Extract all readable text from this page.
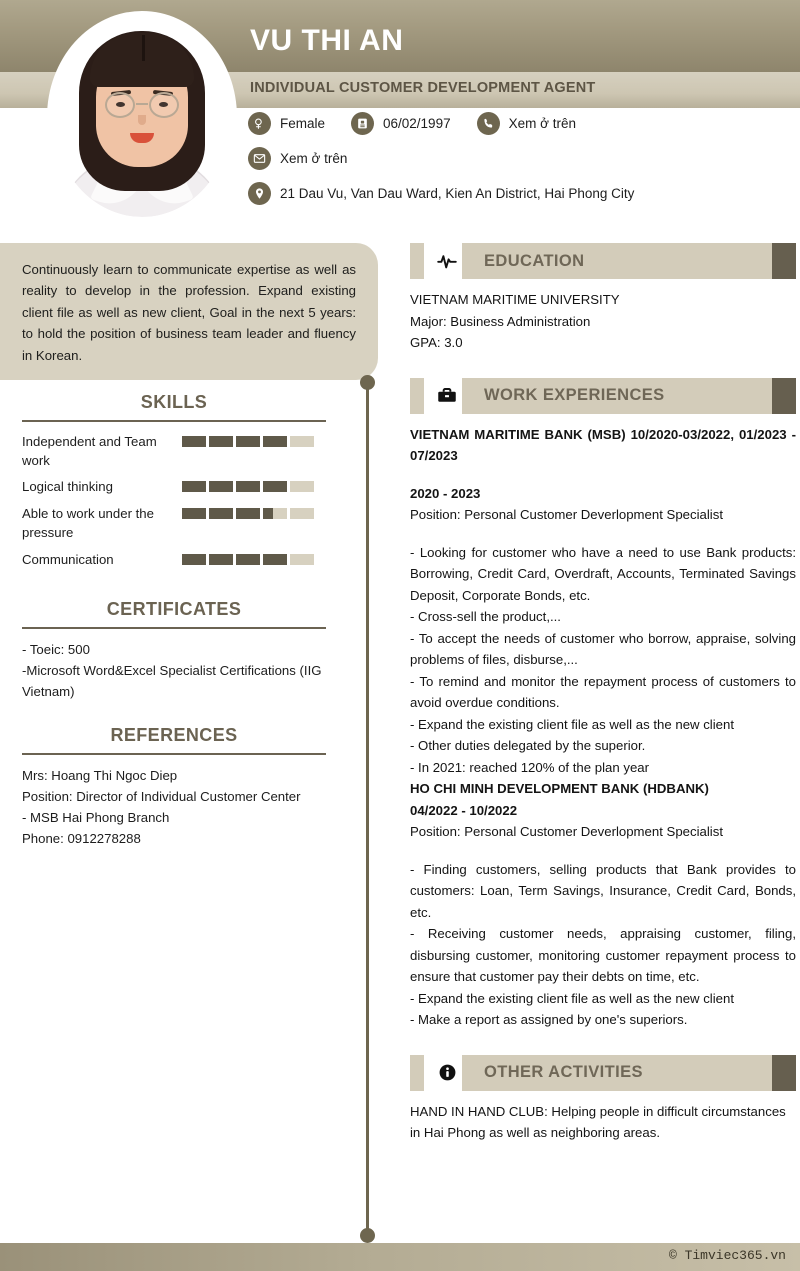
VU THI AN
INDIVIDUAL CUSTOMER DEVELOPMENT AGENT
Female	06/02/1997	Xem ở trên
Xem ở trên
21 Dau Vu, Van Dau Ward, Kien An District, Hai Phong City

Continuously learn to communicate expertise as well as reality to develop in the profession. Expand existing client file as well as new client, Goal in the next 5 years: to hold the position of business team leader and fluency in Korean.

SKILLS
Independent and Team work
Logical thinking
Able to work under the pressure
Communication
CERTIFICATES
- Toeic: 500
-Microsoft Word&Excel Specialist Certifications (IIG Vietnam)
REFERENCES
Mrs: Hoang Thi Ngoc Diep
Position: Director of Individual Customer Center
- MSB Hai Phong Branch
Phone: 0912278288
EDUCATION
VIETNAM MARITIME UNIVERSITY
Major: Business Administration
GPA: 3.0
WORK EXPERIENCES
VIETNAM MARITIME BANK (MSB) 10/2020-03/2022, 01/2023 - 07/2023
2020 - 2023
Position: Personal Customer Deverlopment Specialist
- Looking for customer who have a need to use Bank products: Borrowing, Credit Card, Overdraft, Accounts, Terminated Savings Deposit, Corporate Bonds, etc.
- Cross-sell the product,...
- To accept the needs of customer who borrow, appraise, solving problems of files, disburse,...
- To remind and monitor the repayment process of customers to avoid overdue conditions.
- Expand the existing client file as well as the new client
- Other duties delegated by the superior.
- In 2021: reached 120% of the plan year
HO CHI MINH DEVELOPMENT BANK (HDBANK)
04/2022 - 10/2022
Position: Personal Customer Deverlopment Specialist
- Finding customers, selling products that Bank provides to customers: Loan, Term Savings, Insurance, Credit Card, Bonds, etc.
- Receiving customer needs, appraising customer, filing, disbursing customer, monitoring customer repayment process to ensure that customer pay their debts on time, etc.
- Expand the existing client file as well as the new client
- Make a report as assigned by one's superiors.
OTHER ACTIVITIES
HAND IN HAND CLUB: Helping people in difficult circumstances in Hai Phong as well as neighboring areas.
© Timviec365.vn
